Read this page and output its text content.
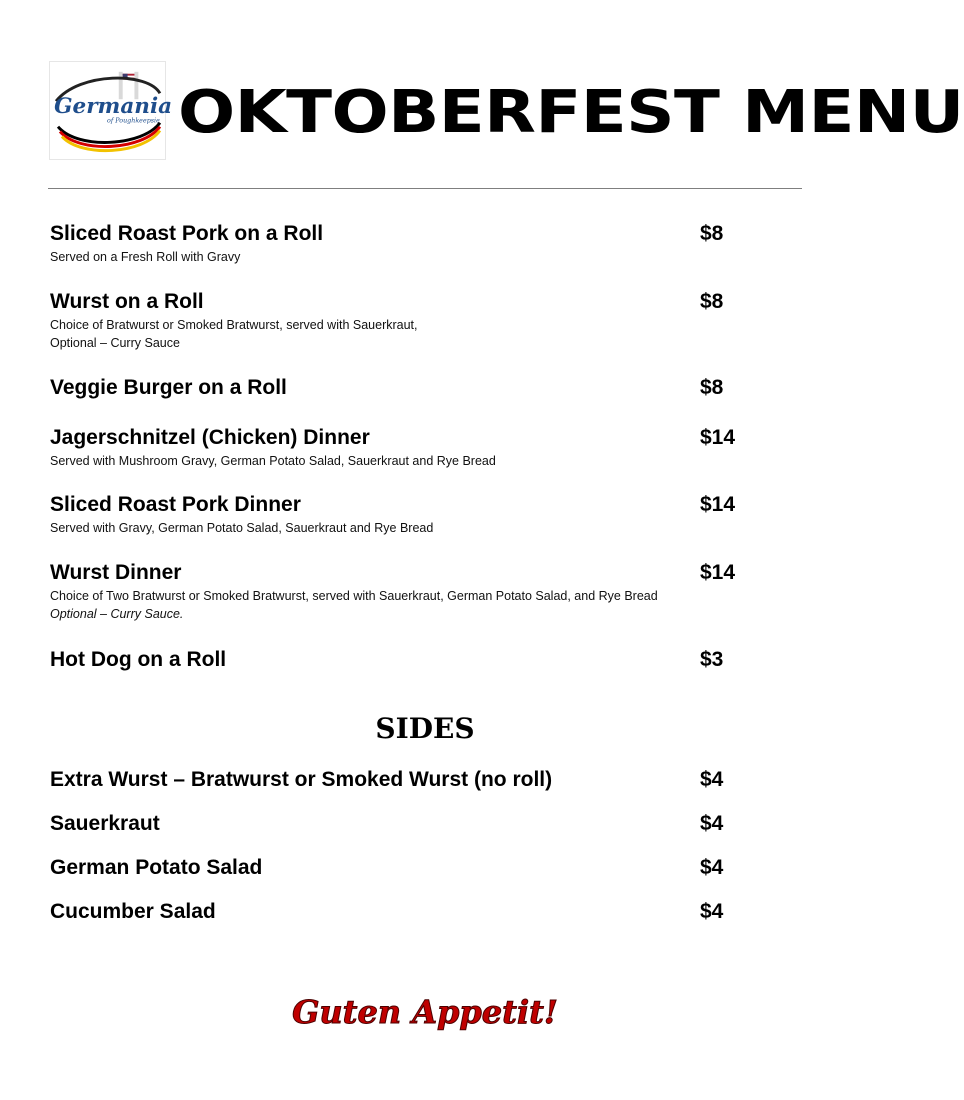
Germania
of Poughkeepsie OKTOBERFEST MENU
Sliced Roast Pork on a Roll	$8
Served on a Fresh Roll with Gravy
Wurst on a Roll	$8
Choice of Bratwurst or Smoked Bratwurst, served with Sauerkraut,
Optional – Curry Sauce
Veggie Burger on a Roll	$8
Jagerschnitzel (Chicken) Dinner	$14
Served with Mushroom Gravy, German Potato Salad, Sauerkraut and Rye Bread
Sliced Roast Pork Dinner	$14
Served with Gravy, German Potato Salad, Sauerkraut and Rye Bread
Wurst Dinner	$14
Choice of Two Bratwurst or Smoked Bratwurst, served with Sauerkraut, German Potato Salad, and Rye Bread
Optional – Curry Sauce.
Hot Dog on a Roll	$3
SIDES
Extra Wurst – Bratwurst or Smoked Wurst (no roll)	$4
Sauerkraut	$4
German Potato Salad	$4
Cucumber Salad	$4
Guten Appetit!
